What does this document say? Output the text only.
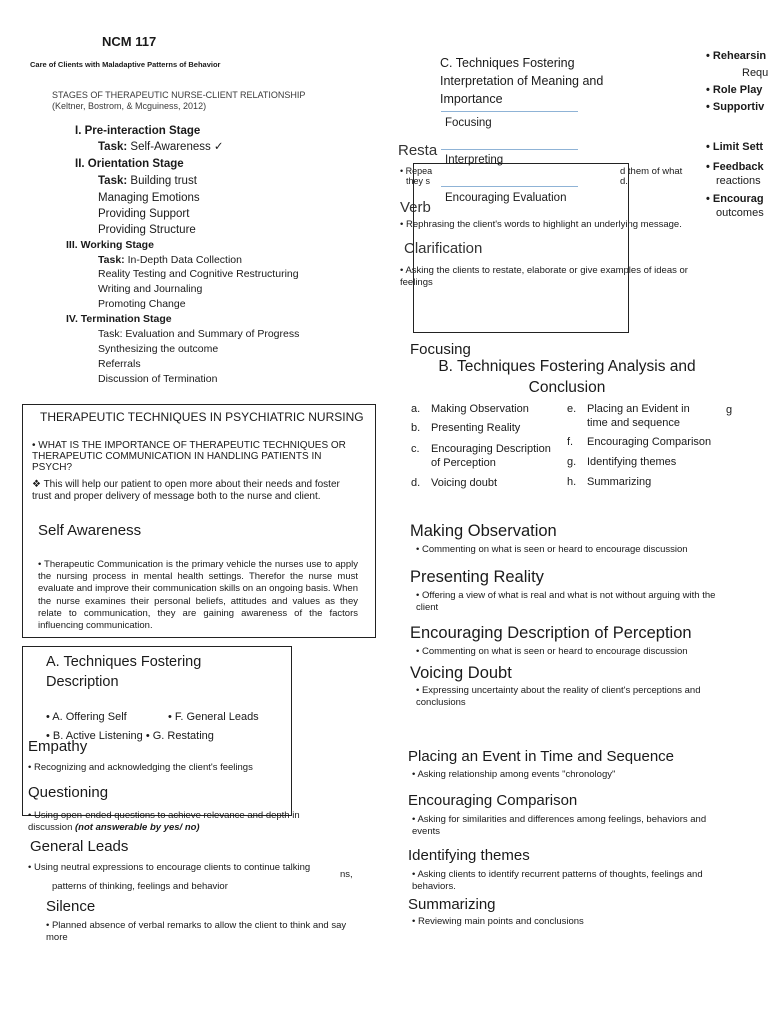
NCM 117
Care of Clients with Maladaptive Patterns of Behavior
STAGES OF THERAPEUTIC NURSE-CLIENT RELATIONSHIP
(Keltner, Bostrom, & Mcguiness, 2012)
I. Pre-interaction Stage
Task: Self-Awareness ✓
II. Orientation Stage
Task: Building trust
Managing Emotions
Providing Support
Providing Structure
III. Working Stage
Task: In-Depth Data Collection
Reality Testing and Cognitive Restructuring
Writing and Journaling
Promoting Change
IV. Termination Stage
Task: Evaluation and Summary of Progress
Synthesizing the outcome
Referrals
Discussion of Termination
THERAPEUTIC TECHNIQUES IN PSYCHIATRIC NURSING
• WHAT IS THE IMPORTANCE OF THERAPEUTIC TECHNIQUES OR THERAPEUTIC COMMUNICATION IN HANDLING PATIENTS IN PSYCH?
❖ This will help our patient to open more about their needs and foster trust and proper delivery of message both to the nurse and client.
Self Awareness
• Therapeutic Communication is the primary vehicle the nurses use to apply the nursing process in mental health settings. Therefor the nurse must evaluate and improve their communication skills on an ongoing basis. When the nurse examines their personal beliefs, attitudes and values as they relate to communication, they are gaining awareness of the factors influencing communication.
A. Techniques Fostering
Description
• A. Offering Self	• F. General Leads
• B. Active Listening • G. Restating
Empathy
• Recognizing and acknowledging the client's feelings
Questioning
• Using open-ended questions to achieve relevance and depth in discussion (not answerable by yes/ no)
General Leads
• Using neutral expressions to encourage clients to continue talking
ns,
patterns of thinking, feelings and behavior
Silence
• Planned absence of verbal remarks to allow the client to think and say more
Resta
• Repea
they s
d them of what
d.
Verb
• Rephrasing the client's words to highlight an underlying message.
Clarification
• Asking the clients to restate, elaborate or give examples of ideas or feelings
Focusing
C. Techniques Fostering Interpretation of Meaning and Importance
Focusing
Interpreting
Encouraging Evaluation
• Rehearsin
Requ
• Role Play
• Supportiv
• Limit Sett
• Feedback
reactions
• Encourag
outcomes
B. Techniques Fostering Analysis and
Conclusion
a. Making Observation
b. Presenting Reality
c.	Encouraging Description of Perception
d. Voicing doubt
e. Placing an Evident in time and sequence
f.	Encouraging Comparison
g. Identifying themes
h. Summarizing
g
Making Observation
• Commenting on what is seen or heard to encourage discussion
Presenting Reality
• Offering a view of what is real and what is not without arguing with the client
Encouraging Description of Perception
• Commenting on what is seen or heard to encourage discussion
Voicing Doubt
• Expressing uncertainty about the reality of client's perceptions and conclusions
Placing an Event in Time and Sequence
• Asking relationship among events "chronology"
Encouraging Comparison
• Asking for similarities and differences among feelings, behaviors and events
Identifying themes
• Asking clients to identify recurrent patterns of thoughts, feelings and behaviors.
Summarizing
• Reviewing main points and conclusions
